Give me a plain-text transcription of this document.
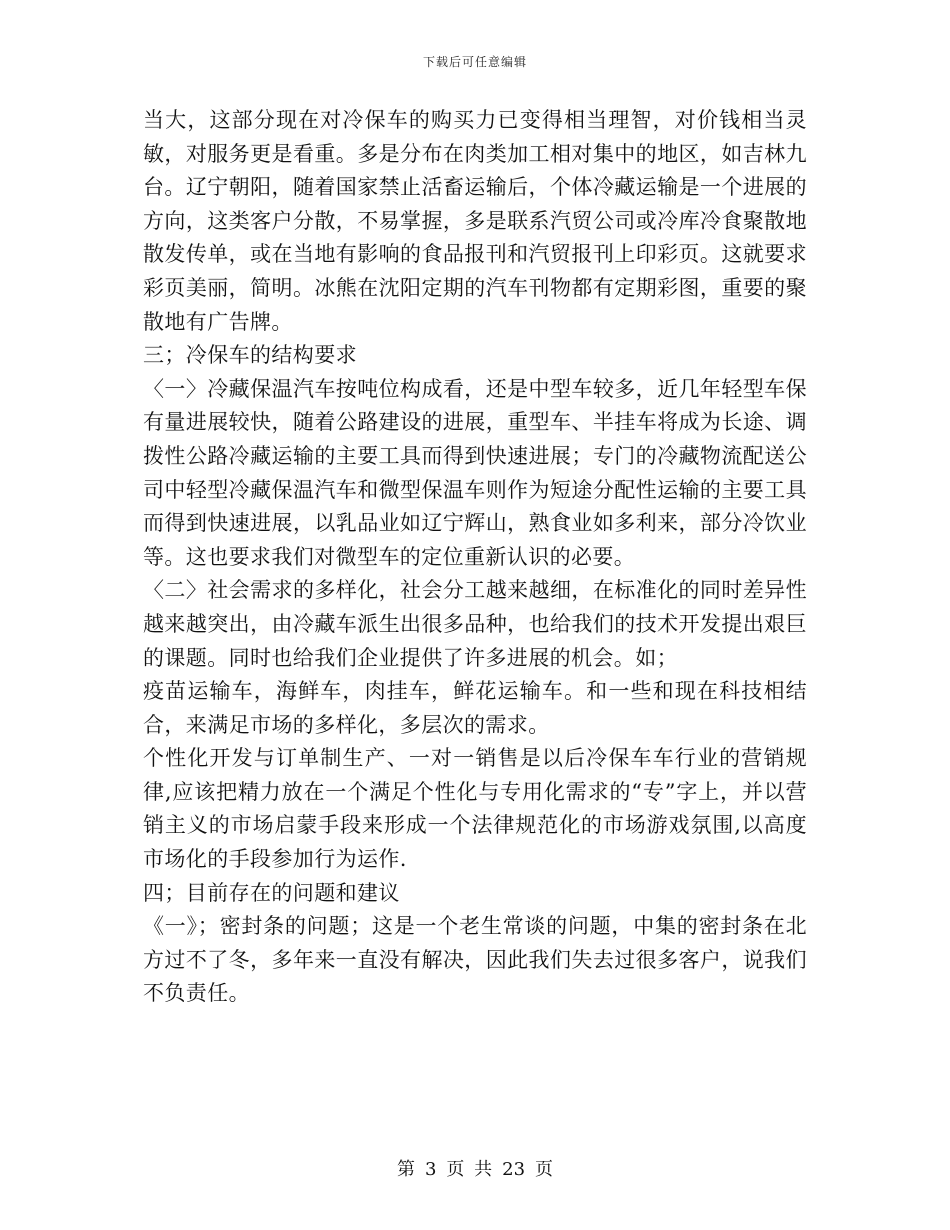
下载后可任意编辑

当大，这部分现在对冷保车的购买力已变得相当理智，对价钱相当灵敏，对服务更是看重。多是分布在肉类加工相对集中的地区，如吉林九台。辽宁朝阳，随着国家禁止活畜运输后，个体冷藏运输是一个进展的方向，这类客户分散，不易掌握，多是联系汽贸公司或冷库冷食聚散地散发传单，或在当地有影响的食品报刊和汽贸报刊上印彩页。这就要求彩页美丽，简明。冰熊在沈阳定期的汽车刊物都有定期彩图，重要的聚散地有广告牌。

三；冷保车的结构要求

〈一〉冷藏保温汽车按吨位构成看，还是中型车较多，近几年轻型车保有量进展较快，随着公路建设的进展，重型车、半挂车将成为长途、调拨性公路冷藏运输的主要工具而得到快速进展；专门的冷藏物流配送公司中轻型冷藏保温汽车和微型保温车则作为短途分配性运输的主要工具而得到快速进展，以乳品业如辽宁辉山，熟食业如多利来，部分冷饮业等。这也要求我们对微型车的定位重新认识的必要。

〈二〉社会需求的多样化，社会分工越来越细，在标准化的同时差异性越来越突出，由冷藏车派生出很多品种，也给我们的技术开发提出艰巨的课题。同时也给我们企业提供了许多进展的机会。如；

疫苗运输车，海鲜车，肉挂车，鲜花运输车。和一些和现在科技相结合，来满足市场的多样化，多层次的需求。

个性化开发与订单制生产、一对一销售是以后冷保车车行业的营销规律,应该把精力放在一个满足个性化与专用化需求的“专”字上，并以营销主义的市场启蒙手段来形成一个法律规范化的市场游戏氛围,以高度市场化的手段参加行为运作.

四；目前存在的问题和建议

《一》；密封条的问题；这是一个老生常谈的问题，中集的密封条在北方过不了冬，多年来一直没有解决，因此我们失去过很多客户，说我们不负责任。

第 3 页 共 23 页
